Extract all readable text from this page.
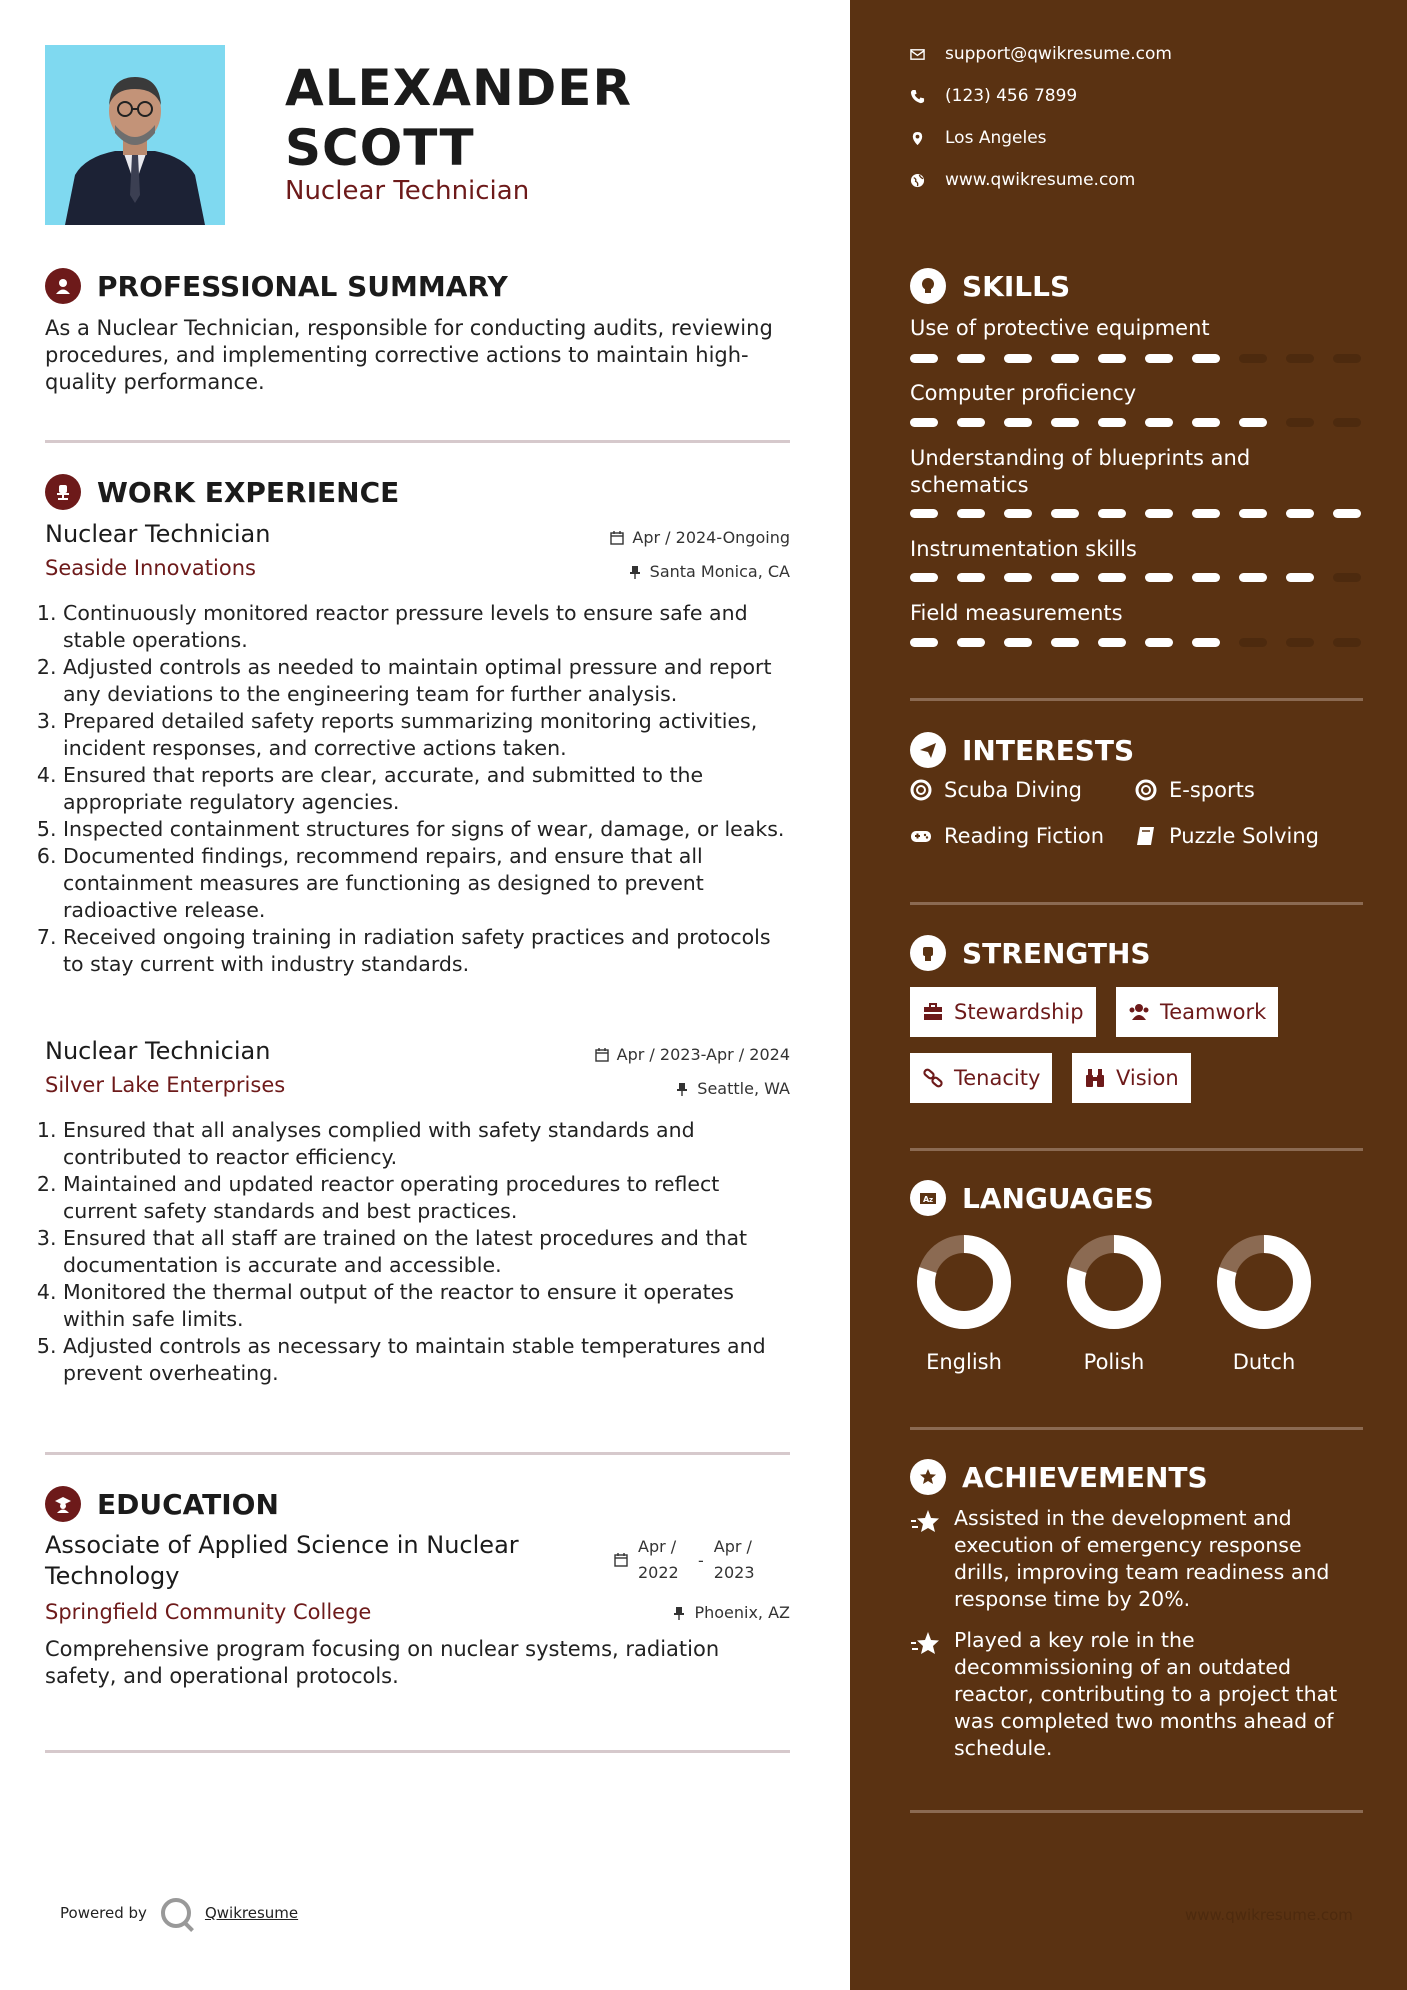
ALEXANDER
SCOTT
Nuclear Technician
PROFESSIONAL SUMMARY
As a Nuclear Technician, responsible for conducting audits, reviewing procedures, and implementing corrective actions to maintain high-quality performance.
WORK EXPERIENCE
Nuclear Technician
Seaside Innovations
Apr / 2024-Ongoing
Santa Monica, CA
1. Continuously monitored reactor pressure levels to ensure safe and stable operations.
2. Adjusted controls as needed to maintain optimal pressure and report any deviations to the engineering team for further analysis.
3. Prepared detailed safety reports summarizing monitoring activities, incident responses, and corrective actions taken.
4. Ensured that reports are clear, accurate, and submitted to the appropriate regulatory agencies.
5. Inspected containment structures for signs of wear, damage, or leaks.
6. Documented findings, recommend repairs, and ensure that all containment measures are functioning as designed to prevent radioactive release.
7. Received ongoing training in radiation safety practices and protocols to stay current with industry standards.
Nuclear Technician
Silver Lake Enterprises
Apr / 2023-Apr / 2024
Seattle, WA
1. Ensured that all analyses complied with safety standards and contributed to reactor efficiency.
2. Maintained and updated reactor operating procedures to reflect current safety standards and best practices.
3. Ensured that all staff are trained on the latest procedures and that documentation is accurate and accessible.
4. Monitored the thermal output of the reactor to ensure it operates within safe limits.
5. Adjusted controls as necessary to maintain stable temperatures and prevent overheating.
EDUCATION
Associate of Applied Science in Nuclear Technology
Apr / 2022
-
Apr / 2023
Springfield Community College	Phoenix, AZ
Comprehensive program focusing on nuclear systems, radiation safety, and operational protocols.
Powered by	Qwikresume
support@qwikresume.com
(123) 456 7899
Los Angeles
www.qwikresume.com
SKILLS
Use of protective equipment
Computer proficiency
Understanding of blueprints and schematics
Instrumentation skills
Field measurements
INTERESTS
Scuba Diving	E-sports
Reading Fiction	Puzzle Solving
STRENGTHS
Stewardship	Teamwork
Tenacity	Vision
A z LANGUAGES
English	Polish	Dutch
ACHIEVEMENTS
Assisted in the development and execution of emergency response drills, improving team readiness and response time by 20%.
Played a key role in the decommissioning of an outdated reactor, contributing to a project that was completed two months ahead of schedule.
www.qwikresume.com
